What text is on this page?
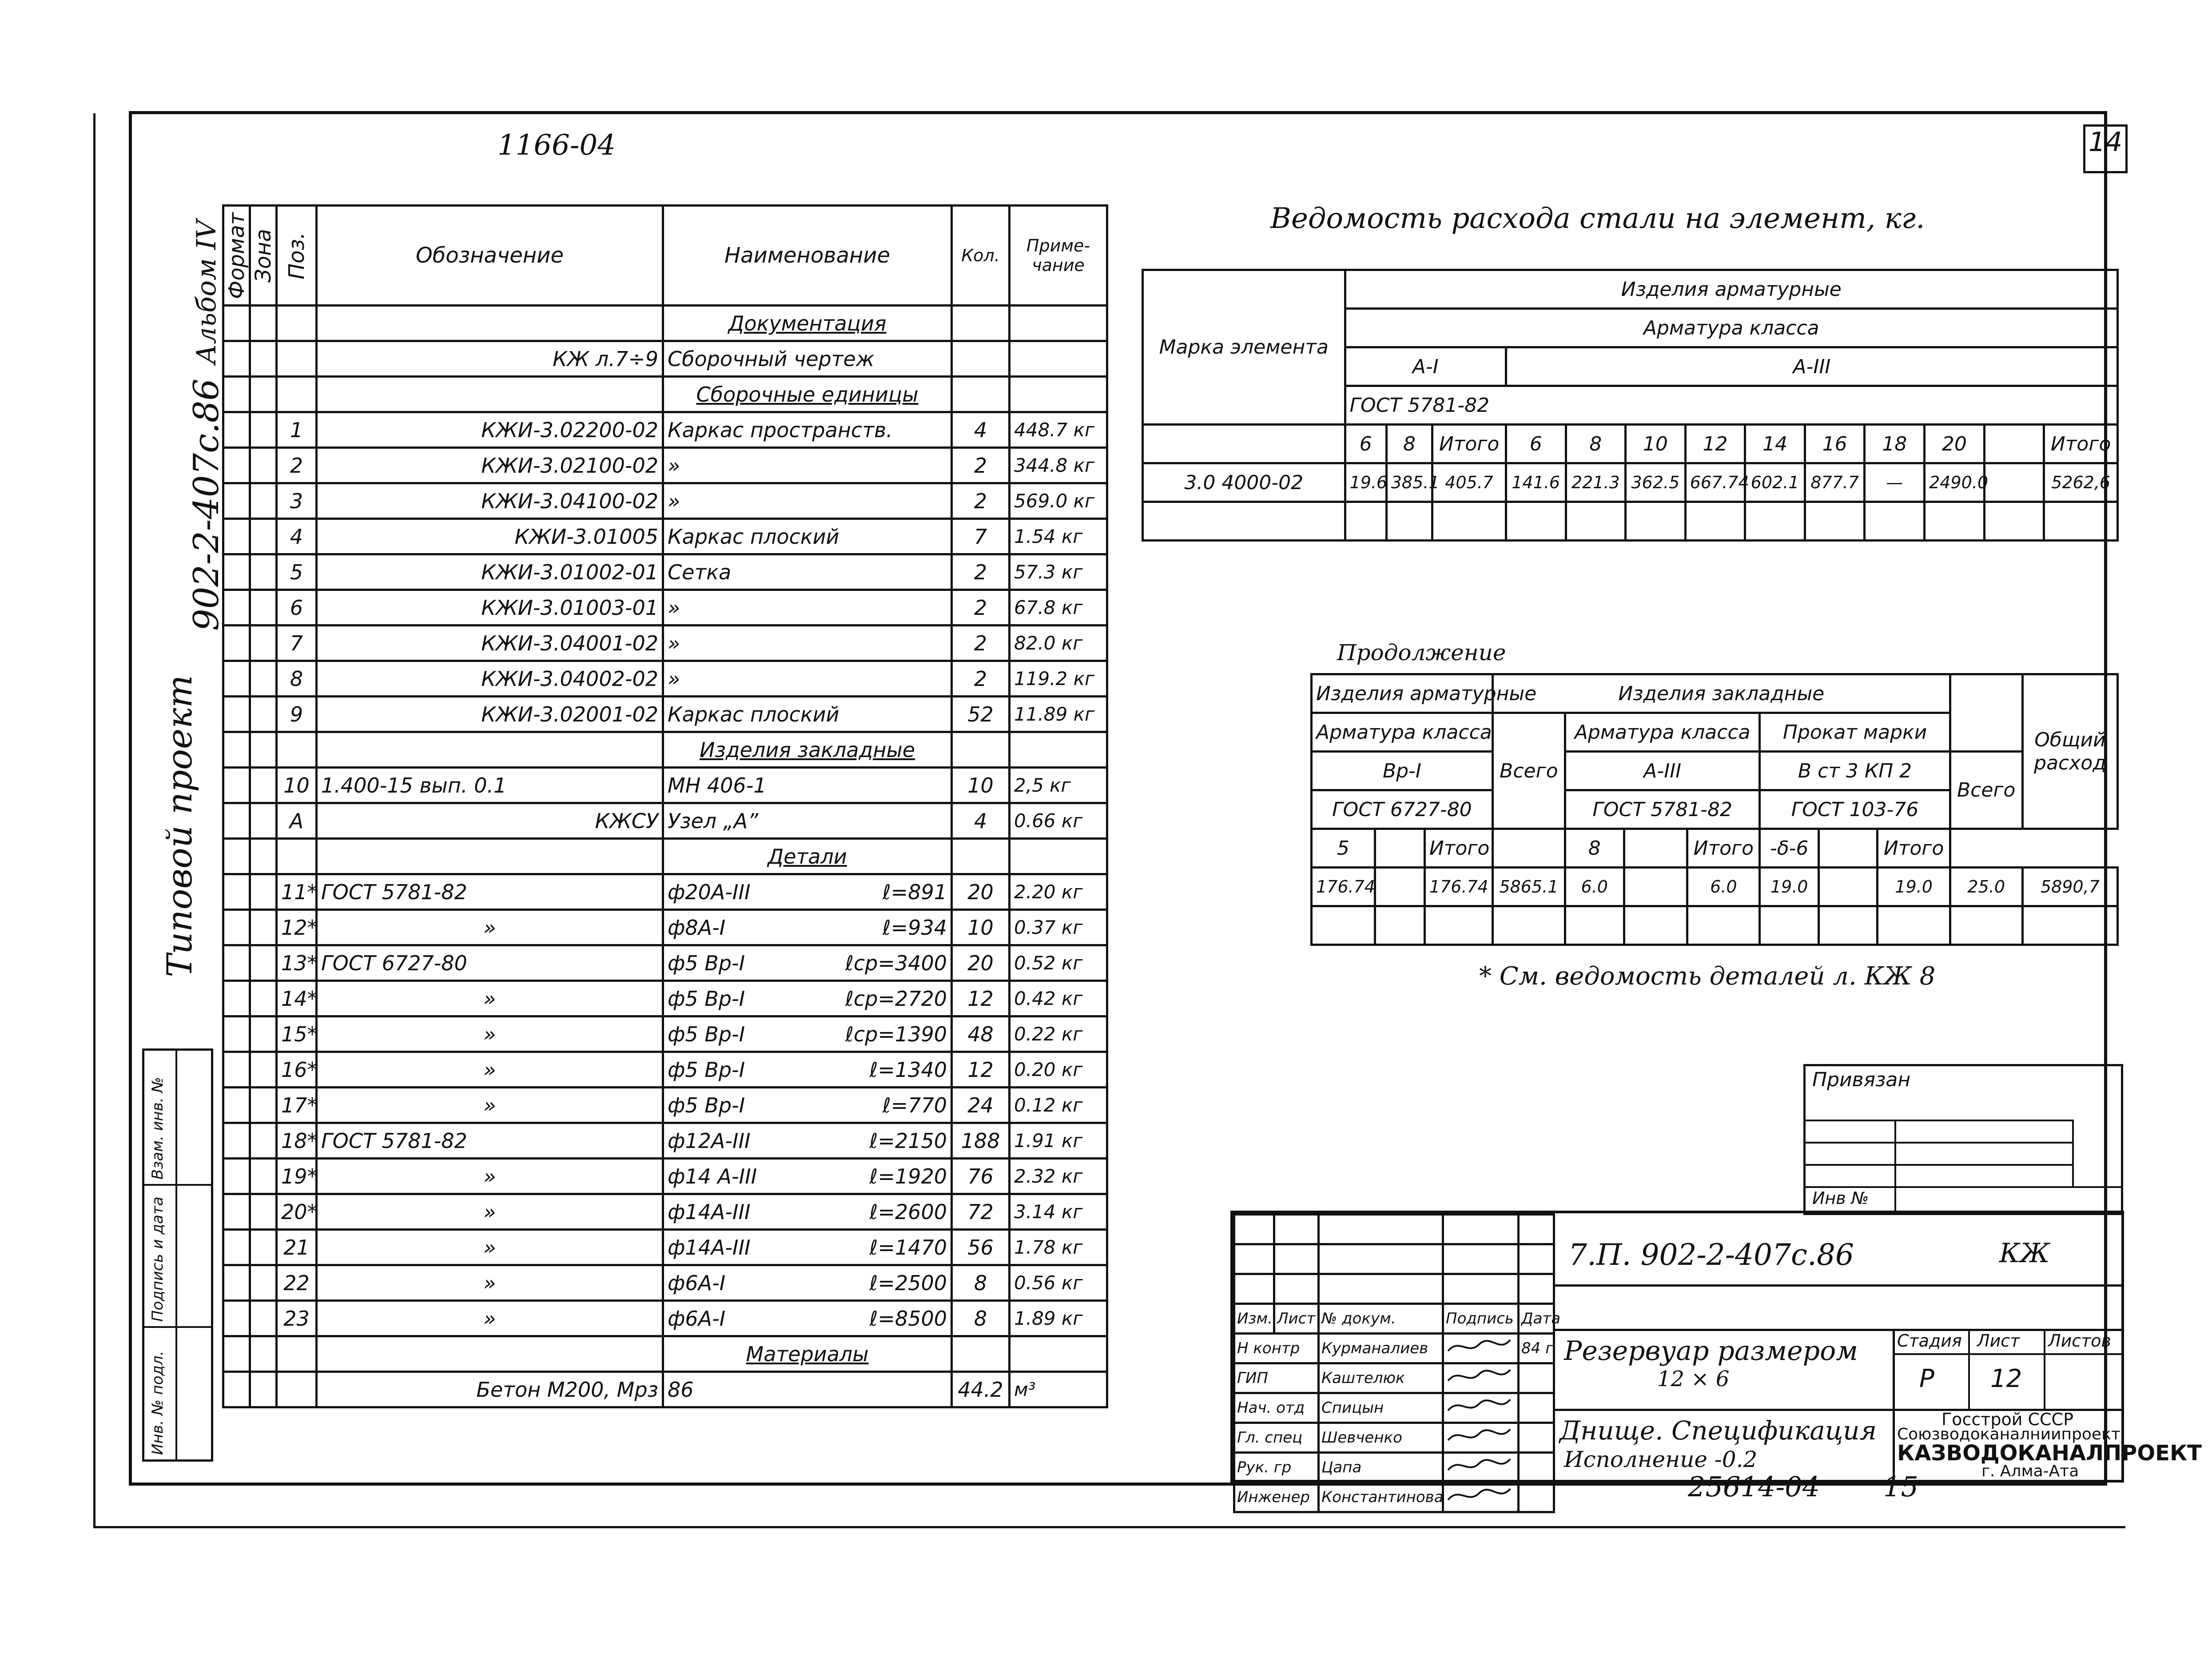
1166-04	14
Типовой проект
902-2-407с.86
Альбом IV
Взам. инв. №
Подпись и дата
Инв. № подл.
Формат	Зона	Поз.	Обозначение	Наименование	Кол.	Приме-чание
				Документация		
			КЖ л.7÷9	Сборочный чертеж		
				Сборочные единицы		
		1	КЖИ-3.02200-02	Каркас пространств.	4	448.7 кг
		2	КЖИ-3.02100-02	»	2	344.8 кг
		3	КЖИ-3.04100-02	»	2	569.0 кг
		4	КЖИ-3.01005	Каркас плоский	7	1.54 кг
		5	КЖИ-3.01002-01	Сетка	2	57.3 кг
		6	КЖИ-3.01003-01	»	2	67.8 кг
		7	КЖИ-3.04001-02	»	2	82.0 кг
		8	КЖИ-3.04002-02	»	2	119.2 кг
		9	КЖИ-3.02001-02	Каркас плоский	52	11.89 кг
				Изделия закладные		
		10	1.400-15 вып. 0.1	МН 406-1	10	2,5 кг
		А	КЖСУ	Узел „А”	4	0.66 кг
				Детали		
		11*	ГОСТ 5781-82	ф20А-III ℓ=891	20	2.20 кг
		12*	»	ф8А-I ℓ=934	10	0.37 кг
		13*	ГОСТ 6727-80	ф5 Вр-I ℓср=3400	20	0.52 кг
		14*	»	ф5 Вр-I ℓср=2720	12	0.42 кг
		15*	»	ф5 Вр-I ℓср=1390	48	0.22 кг
		16*	»	ф5 Вр-I ℓ=1340	12	0.20 кг
		17*	»	ф5 Вр-I ℓ=770	24	0.12 кг
		18*	ГОСТ 5781-82	ф12А-III ℓ=2150	188	1.91 кг
		19*	»	ф14 А-III ℓ=1920	76	2.32 кг
		20*	»	ф14А-III ℓ=2600	72	3.14 кг
		21	»	ф14А-III ℓ=1470	56	1.78 кг
		22	»	ф6А-I ℓ=2500	8	0.56 кг
		23	»	ф6А-I ℓ=8500	8	1.89 кг
				Материалы		
			Бетон М200, Мрз	86	44.2	м³
Ведомость расхода стали на элемент, кг.
Марка элемента	Изделия арматурные												
	Арматура класса												
	А-I			А-III									
	ГОСТ 5781-82												
	6	8	Итого	6	8	10	12	14	16	18	20		Итого
3.0 4000-02	19.6	385.1	405.7	141.6	221.3	362.5	667.74	602.1	877.7	—	2490.0		5262,6

Продолжение
Изделия арматурные			Изделия закладные								Общий расход
Арматура класса			Всего	Арматура класса			Прокат марки				
Вр-I				А-III			В ст 3 КП 2			Всего	
ГОСТ 6727-80				ГОСТ 5781-82			ГОСТ 103-76				
5		Итого		8		Итого	-δ-6		Итого		
176.74		176.74	5865.1	6.0		6.0	19.0		19.0	25.0	5890,7

* См. ведомость деталей л. КЖ 8
Привязан
Инв №

Изм.	Лист	№ докум.	Подпись	Дата
Н контр		Курманалиев		84 г
ГИП		Каштелюк		
Нач. отд		Спицын		
Гл. спец		Шевченко		
Рук. гр		Цапа		
Инженер		Константинова		
7.П. 902-2-407с.86	КЖ
Резервуар размером
12 × 6
Днище. Спецификация
Исполнение -0.2
Стадия Лист Листов
Р 12
Госстрой СССР
Союзводоканалниипроект
КАЗВОДОКАНАЛПРОЕКТ
г. Алма-Ата
25614-04 15
